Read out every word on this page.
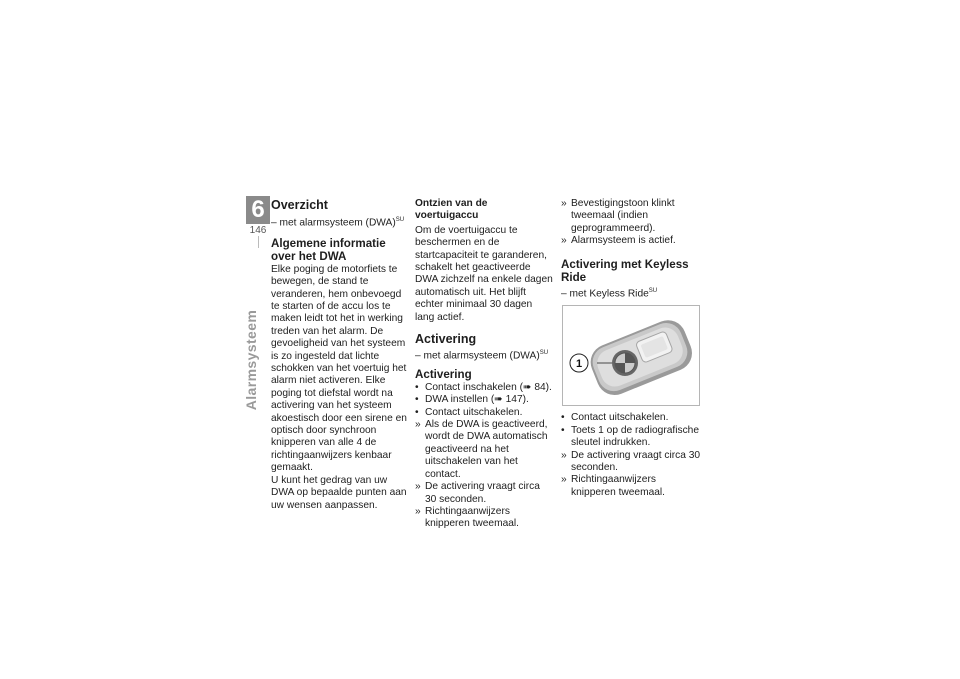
6
146
Alarmsysteem
Overzicht
– met alarmsysteem (DWA)$^{SU}$
Algemene informatie over het DWA

Elke poging de motorfiets te bewegen, de stand te veranderen, hem onbevoegd te starten of de accu los te maken leidt tot het in werking treden van het alarm. De gevoeligheid van het systeem is zo ingesteld dat lichte schokken van het voertuig het alarm niet activeren. Elke poging tot diefstal wordt na activering van het systeem akoestisch door een sirene en optisch door synchroon knipperen van alle 4 de richtingaanwijzers kenbaar gemaakt.

U kunt het gedrag van uw DWA op bepaalde punten aan uw wensen aanpassen.

Ontzien van de voertuigaccu

Om de voertuigaccu te beschermen en de startcapaciteit te garanderen, schakelt het geactiveerde DWA zichzelf na enkele dagen automatisch uit. Het blijft echter minimaal 30 dagen lang actief.

Activering
– met alarmsysteem (DWA)$^{SU}$
Activering
• Contact inschakelen (➠ 84).
• DWA instellen (➠ 147).
• Contact uitschakelen.
» Als de DWA is geactiveerd, wordt de DWA automatisch geactiveerd na het uitschakelen van het contact.
» De activering vraagt circa 30 seconden.
» Richtingaanwijzers knipperen tweemaal.
» Bevestigingstoon klinkt tweemaal (indien geprogrammeerd).
» Alarmsysteem is actief.
Activering met Keyless Ride
– met Keyless Ride$^{SU}$
1
• Contact uitschakelen.
• Toets 1 op de radiografische sleutel indrukken.
» De activering vraagt circa 30 seconden.
» Richtingaanwijzers knipperen tweemaal.
